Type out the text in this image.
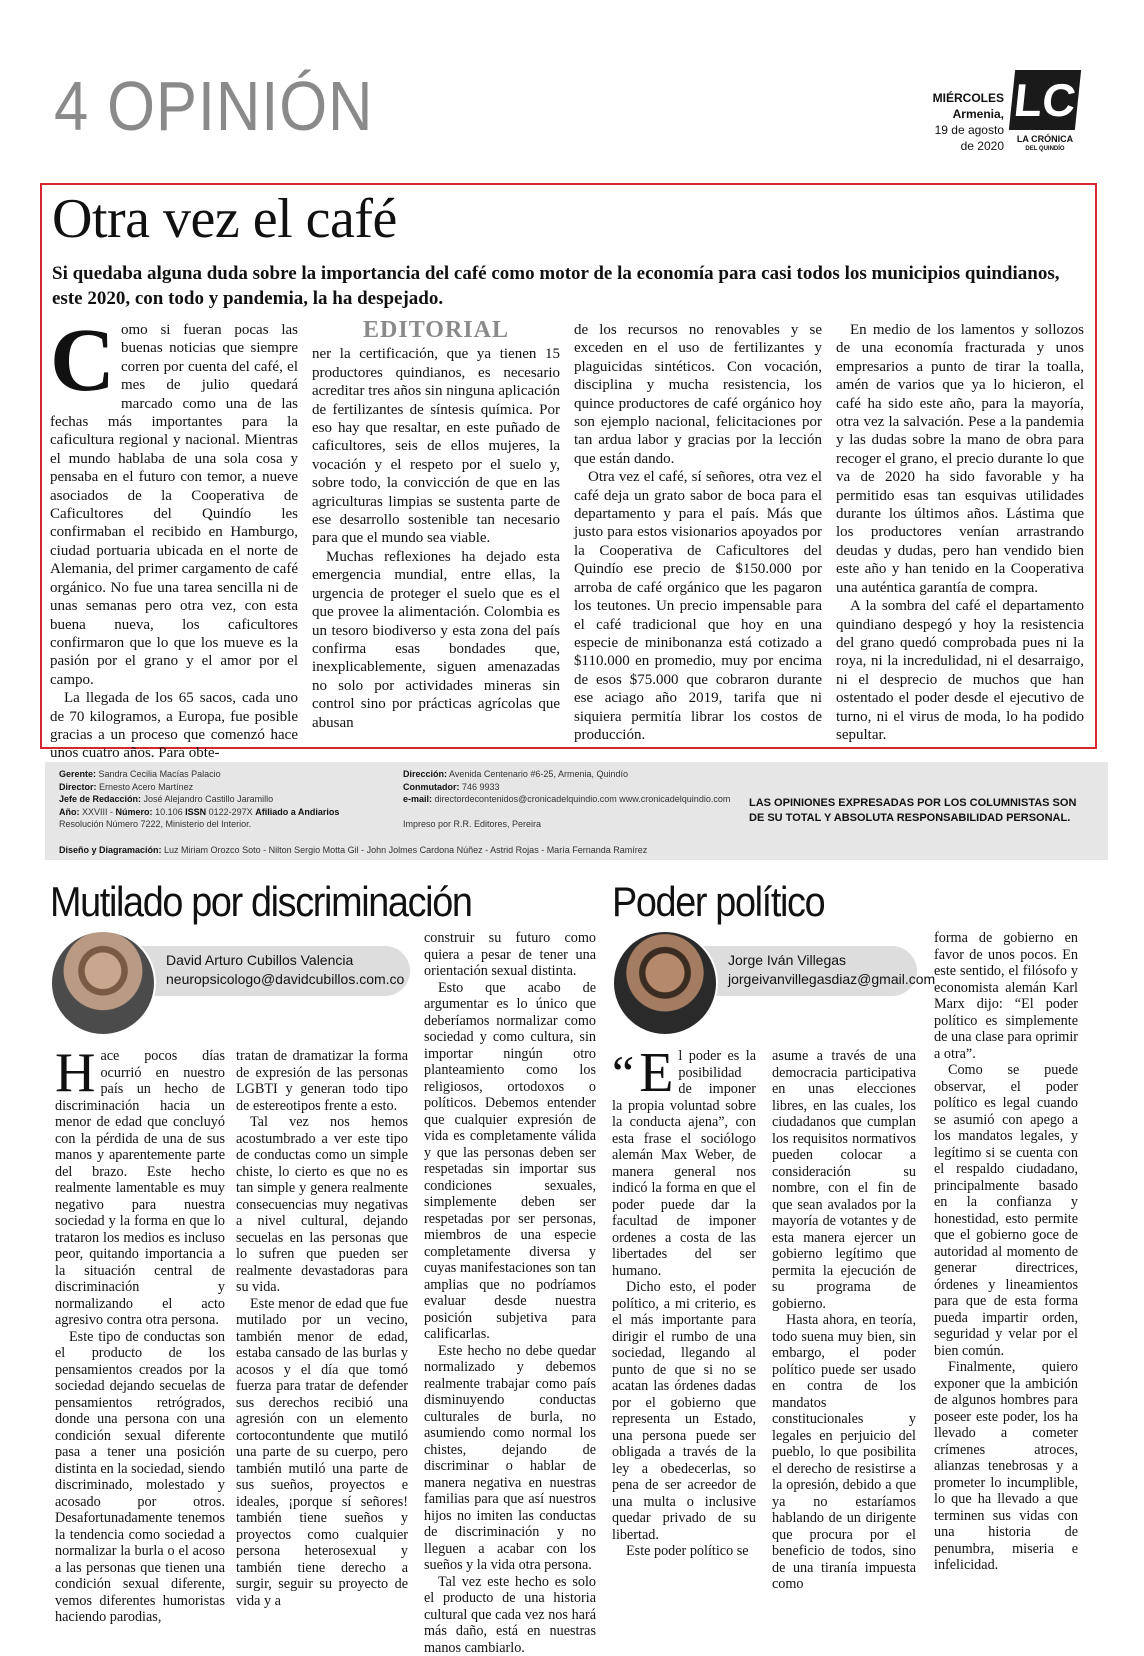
4 OPINIÓN	MIÉRCOLES
Armenia,
19 de agosto
de 2020
LC
LA CRÓNICA
DEL QUINDÍO
Otra vez el café
Si quedaba alguna duda sobre la importancia del café como motor de la economía para casi todos los municipios quindianos, este 2020, con todo y pandemia, la ha despejado.

Como si fueran pocas las buenas noticias que siempre corren por cuenta del café, el mes de julio quedará marcado como una de las fechas más importantes para la caficultura regional y nacional. Mientras el mundo hablaba de una sola cosa y pensaba en el futuro con temor, a nueve asociados de la Cooperativa de Caficultores del Quindío les confirmaban el recibido en Hamburgo, ciudad portuaria ubicada en el norte de Alemania, del primer cargamento de café orgánico. No fue una tarea sencilla ni de unas semanas pero otra vez, con esta buena nueva, los caficultores confirmaron que lo que los mueve es la pasión por el grano y el amor por el campo.

La llegada de los 65 sacos, cada uno de 70 kilogramos, a Europa, fue posible gracias a un proceso que comenzó hace unos cuatro años. Para obte-

EDITORIAL

ner la certificación, que ya tienen 15 productores quindianos, es necesario acreditar tres años sin ninguna aplicación de fertilizantes de síntesis química. Por eso hay que resaltar, en este puñado de caficultores, seis de ellos mujeres, la vocación y el respeto por el suelo y, sobre todo, la convicción de que en las agriculturas limpias se sustenta parte de ese desarrollo sostenible tan necesario para que el mundo sea viable.

Muchas reflexiones ha dejado esta emergencia mundial, entre ellas, la urgencia de proteger el suelo que es el que provee la alimentación. Colombia es un tesoro biodiverso y esta zona del país confirma esas bondades que, inexplicablemente, siguen amenazadas no solo por actividades mineras sin control sino por prácticas agrícolas que abusan

de los recursos no renovables y se exceden en el uso de fertilizantes y plaguicidas sintéticos. Con vocación, disciplina y mucha resistencia, los quince productores de café orgánico hoy son ejemplo nacional, felicitaciones por tan ardua labor y gracias por la lección que están dando.

Otra vez el café, sí señores, otra vez el café deja un grato sabor de boca para el departamento y para el país. Más que justo para estos visionarios apoyados por la Cooperativa de Caficultores del Quindío ese precio de $150.000 por arroba de café orgánico que les pagaron los teutones. Un precio impensable para el café tradicional que hoy en una especie de minibonanza está cotizado a $110.000 en promedio, muy por encima de esos $75.000 que cobraron durante ese aciago año 2019, tarifa que ni siquiera permitía librar los costos de producción.

En medio de los lamentos y sollozos de una economía fracturada y unos empresarios a punto de tirar la toalla, amén de varios que ya lo hicieron, el café ha sido este año, para la mayoría, otra vez la salvación. Pese a la pandemia y las dudas sobre la mano de obra para recoger el grano, el precio durante lo que va de 2020 ha sido favorable y ha permitido esas tan esquivas utilidades durante los últimos años. Lástima que los productores venían arrastrando deudas y dudas, pero han vendido bien este año y han tenido en la Cooperativa una auténtica garantía de compra.

A la sombra del café el departamento quindiano despegó y hoy la resistencia del grano quedó comprobada pues ni la roya, ni la incredulidad, ni el desarraigo, ni el desprecio de muchos que han ostentado el poder desde el ejecutivo de turno, ni el virus de moda, lo ha podido sepultar.

Gerente: Sandra Cecilia Macías Palacio
Director: Ernesto Acero Martínez
Jefe de Redacción: José Alejandro Castillo Jaramillo
Año: XXVIII - Número: 10.106 ISSN 0122-297X Afiliado a Andiarios
Resolución Número 7222, Ministerio del Interior.
Dirección: Avenida Centenario #6-25, Armenia, Quindío
Conmutador: 746 9933
e-mail: directordecontenidos@cronicadelquindio.com www.cronicadelquindio.com
Impreso por R.R. Editores, Pereira
LAS OPINIONES EXPRESADAS POR LOS COLUMNISTAS SON DE SU TOTAL Y ABSOLUTA RESPONSABILIDAD PERSONAL.
Diseño y Diagramación: Luz Miriam Orozco Soto - Nilton Sergio Motta Gil - John Jolmes Cardona Núñez - Astrid Rojas - María Fernanda Ramírez
Mutilado por discriminación
David Arturo Cubillos Valencia
neuropsicologo@davidcubillos.com.co

Hace pocos días ocurrió en nuestro país un hecho de discriminación hacia un menor de edad que concluyó con la pérdida de una de sus manos y aparentemente parte del brazo. Este hecho realmente lamentable es muy negativo para nuestra sociedad y la forma en que lo trataron los medios es incluso peor, quitando importancia a la situación central de discriminación y normalizando el acto agresivo contra otra persona.

Este tipo de conductas son el producto de los pensamientos creados por la sociedad dejando secuelas de pensamientos retrógrados, donde una persona con una condición sexual diferente pasa a tener una posición distinta en la sociedad, siendo discriminado, molestado y acosado por otros. Desafortunadamente tenemos la tendencia como sociedad a normalizar la burla o el acoso a las personas que tienen una condición sexual diferente, vemos diferentes humoristas haciendo parodias,

tratan de dramatizar la forma de expresión de las personas LGBTI y generan todo tipo de estereotipos frente a esto.

Tal vez nos hemos acostumbrado a ver este tipo de conductas como un simple chiste, lo cierto es que no es tan simple y genera realmente consecuencias muy negativas a nivel cultural, dejando secuelas en las personas que lo sufren que pueden ser realmente devastadoras para su vida.

Este menor de edad que fue mutilado por un vecino, también menor de edad, estaba cansado de las burlas y acosos y el día que tomó fuerza para tratar de defender sus derechos recibió una agresión con un elemento cortocontundente que mutiló una parte de su cuerpo, pero también mutiló una parte de sus sueños, proyectos e ideales, ¡porque sí señores! también tiene sueños y proyectos como cualquier persona heterosexual y también tiene derecho a surgir, seguir su proyecto de vida y a

construir su futuro como quiera a pesar de tener una orientación sexual distinta.

Esto que acabo de argumentar es lo único que deberíamos normalizar como sociedad y como cultura, sin importar ningún otro planteamiento como los religiosos, ortodoxos o políticos. Debemos entender que cualquier expresión de vida es completamente válida y que las personas deben ser respetadas sin importar sus condiciones sexuales, simplemente deben ser respetadas por ser personas, miembros de una especie completamente diversa y cuyas manifestaciones son tan amplias que no podríamos evaluar desde nuestra posición subjetiva para calificarlas.

Este hecho no debe quedar normalizado y debemos realmente trabajar como país disminuyendo conductas culturales de burla, no asumiendo como normal los chistes, dejando de discriminar o hablar de manera negativa en nuestras familias para que así nuestros hijos no imiten las conductas de discriminación y no lleguen a acabar con los sueños y la vida otra persona.

Tal vez este hecho es solo el producto de una historia cultural que cada vez nos hará más daño, está en nuestras manos cambiarlo.

Poder político
Jorge Iván Villegas
jorgeivanvillegasdiaz@gmail.com

“ E l poder es la posibilidad de imponer la propia voluntad sobre la conducta ajena”, con esta frase el sociólogo alemán Max Weber, de manera general nos indicó la forma en que el poder puede dar la facultad de imponer ordenes a costa de las libertades del ser humano.

Dicho esto, el poder político, a mi criterio, es el más importante para dirigir el rumbo de una sociedad, llegando al punto de que si no se acatan las órdenes dadas por el gobierno que representa un Estado, una persona puede ser obligada a través de la ley a obedecerlas, so pena de ser acreedor de una multa o inclusive quedar privado de su libertad.

Este poder político se

asume a través de una democracia participativa en unas elecciones libres, en las cuales, los ciudadanos que cumplan los requisitos normativos pueden colocar a consideración su nombre, con el fin de que sean avalados por la mayoría de votantes y de esta manera ejercer un gobierno legítimo que permita la ejecución de su programa de gobierno.

Hasta ahora, en teoría, todo suena muy bien, sin embargo, el poder político puede ser usado en contra de los mandatos constitucionales y legales en perjuicio del pueblo, lo que posibilita el derecho de resistirse a la opresión, debido a que ya no estaríamos hablando de un dirigente que procura por el beneficio de todos, sino de una tiranía impuesta como

forma de gobierno en favor de unos pocos. En este sentido, el filósofo y economista alemán Karl Marx dijo: “El poder político es simplemente de una clase para oprimir a otra”.

Como se puede observar, el poder político es legal cuando se asumió con apego a los mandatos legales, y legítimo si se cuenta con el respaldo ciudadano, principalmente basado en la confianza y honestidad, esto permite que el gobierno goce de autoridad al momento de generar directrices, órdenes y lineamientos para que de esta forma pueda impartir orden, seguridad y velar por el bien común.

Finalmente, quiero exponer que la ambición de algunos hombres para poseer este poder, los ha llevado a cometer crímenes atroces, alianzas tenebrosas y a prometer lo incumplible, lo que ha llevado a que terminen sus vidas con una historia de penumbra, miseria e infelicidad.
